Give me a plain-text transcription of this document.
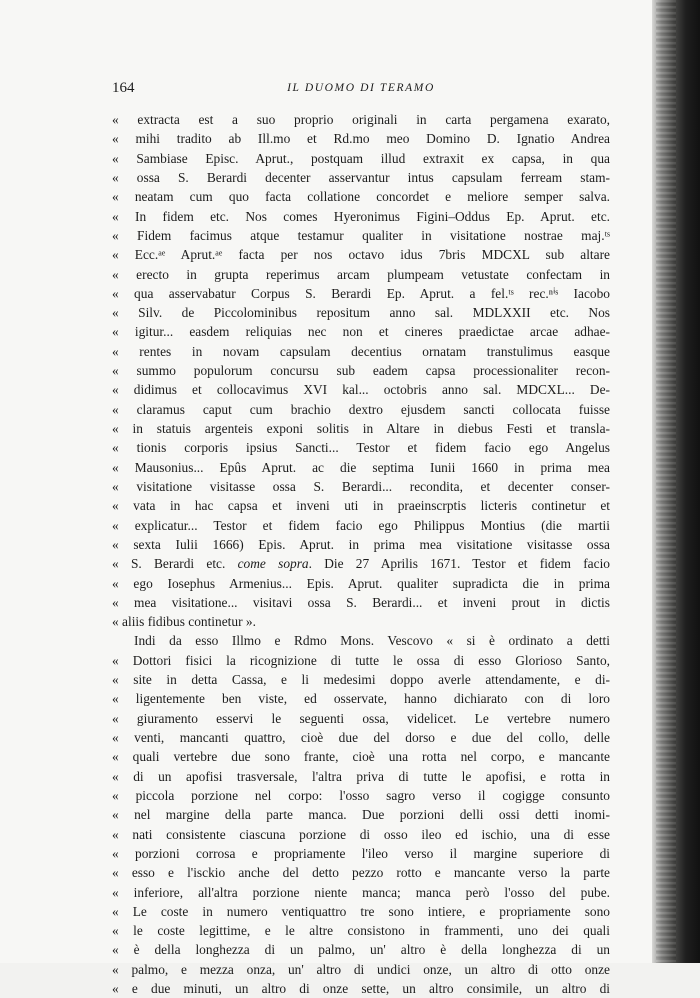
164	IL DUOMO DI TERAMO
« extracta est a suo proprio originali in carta pergamena exarato,
« mihi tradito ab Ill.mo et Rd.mo meo Domino D. Ignatio Andrea
« Sambiase Episc. Aprut., postquam illud extraxit ex capsa, in qua
« ossa S. Berardi decenter asservantur intus capsulam ferream stam-
« neatam cum quo facta collatione concordet e meliore semper salva.
« In fidem etc. Nos comes Hyeronimus Figini–Oddus Ep. Aprut. etc.
« Fidem facimus atque testamur qualiter in visitatione nostrae maj.ᵗˢ
« Ecc.ᵃᵉ Aprut.ᵃᵉ facta per nos octavo idus 7bris MDCXL sub altare
« erecto in grupta reperimus arcam plumpeam vetustate confectam in
« qua asservabatur Corpus S. Berardi Ep. Aprut. a fel.ᵗˢ rec.ⁿⁱˢ Iacobo
« Silv. de Piccolominibus repositum anno sal. MDLXXII etc. Nos
« igitur... easdem reliquias nec non et cineres praedictae arcae adhae-
« rentes in novam capsulam decentius ornatam transtulimus easque
« summo populorum concursu sub eadem capsa processionaliter recon-
« didimus et collocavimus XVI kal... octobris anno sal. MDCXL... De-
« claramus caput cum brachio dextro ejusdem sancti collocata fuisse
« in statuis argenteis exponi solitis in Altare in diebus Festi et transla-
« tionis corporis ipsius Sancti... Testor et fidem facio ego Angelus
« Mausonius... Epûs Aprut. ac die septima Iunii 1660 in prima mea
« visitatione visitasse ossa S. Berardi... recondita, et decenter conser-
« vata in hac capsa et inveni uti in praeinscrptis licteris continetur et
« explicatur... Testor et fidem facio ego Philippus Montius (die martii
« sexta Iulii 1666) Epis. Aprut. in prima mea visitatione visitasse ossa
« S. Berardi etc. come sopra. Die 27 Aprilis 1671. Testor et fidem facio
« ego Iosephus Armenius... Epis. Aprut. qualiter supradicta die in prima
« mea visitatione... visitavi ossa S. Berardi... et inveni prout in dictis
« aliis fidibus continetur ».
Indi da esso Illmo e Rdmo Mons. Vescovo « si è ordinato a detti
« Dottori fisici la ricognizione di tutte le ossa di esso Glorioso Santo,
« site in detta Cassa, e li medesimi doppo averle attendamente, e di-
« ligentemente ben viste, ed osservate, hanno dichiarato con di loro
« giuramento esservi le seguenti ossa, videlicet. Le vertebre numero
« venti, mancanti quattro, cioè due del dorso e due del collo, delle
« quali vertebre due sono frante, cioè una rotta nel corpo, e mancante
« di un apofisi trasversale, l'altra priva di tutte le apofisi, e rotta in
« piccola porzione nel corpo: l'osso sagro verso il cogigge consunto
« nel margine della parte manca. Due porzioni delli ossi detti inomi-
« nati consistente ciascuna porzione di osso ileo ed ischio, una di esse
« porzioni corrosa e propriamente l'ileo verso il margine superiore di
« esso e l'isckio anche del detto pezzo rotto e mancante verso la parte
« inferiore, all'altra porzione niente manca; manca però l'osso del pube.
« Le coste in numero ventiquattro tre sono intiere, e propriamente sono
« le coste legittime, e le altre consistono in frammenti, uno dei quali
« è della longhezza di un palmo, un' altro è della longhezza di un
« palmo, e mezza onza, un' altro di undici onze, un altro di otto onze
« e due minuti, un altro di onze sette, un altro consimile, un altro di
